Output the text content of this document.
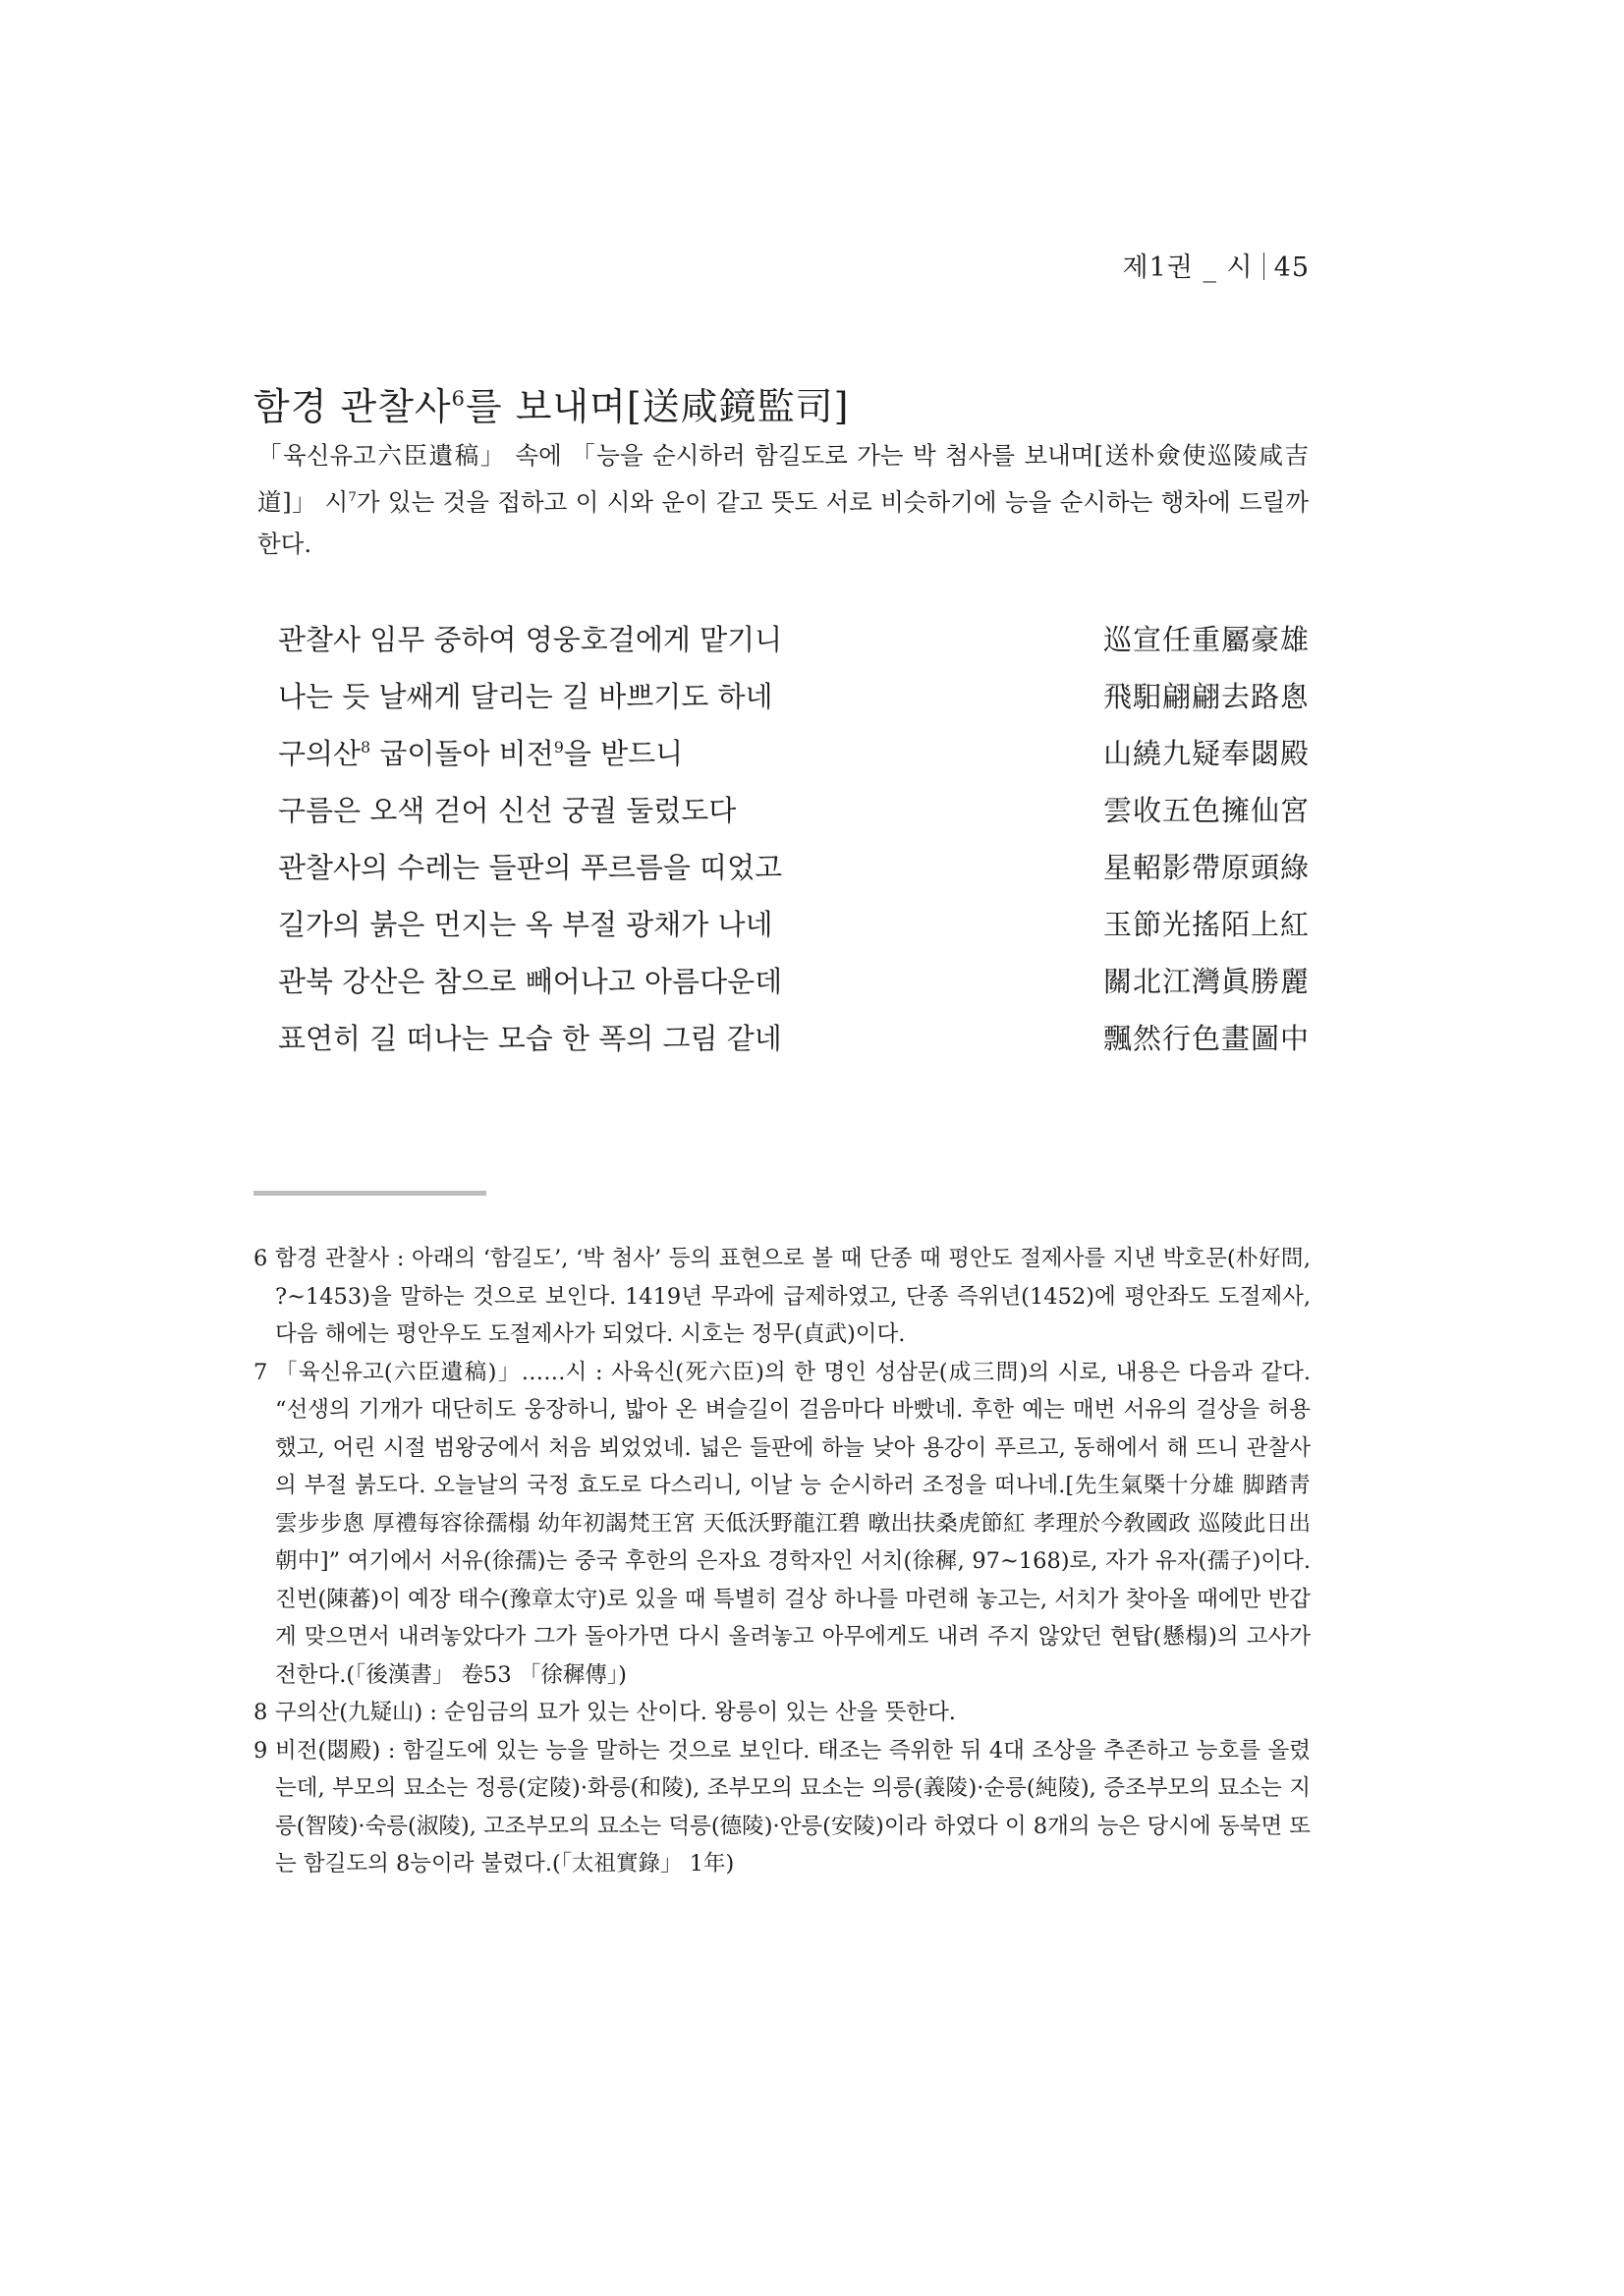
제1권 _ 시 45
함경 관찰사$^6$를 보내며[送咸鏡監司]
「육신유고六臣遺稿」 속에 「능을 순시하러 함길도로 가는 박 첨사를 보내며[送朴僉使巡陵咸吉道]」 시$^7$가 있는 것을 접하고 이 시와 운이 같고 뜻도 서로 비슷하기에 능을 순시하는 행차에 드릴까 한다.
관찰사 임무 중하여 영웅호걸에게 맡기니	巡宣任重屬豪雄
나는 듯 날쌔게 달리는 길 바쁘기도 하네	飛馹翩翩去路悤
구의산$^8$ 굽이돌아 비전$^9$을 받드니	山繞九疑奉閟殿
구름은 오색 걷어 신선 궁궐 둘렀도다	雲收五色擁仙宮
관찰사의 수레는 들판의 푸르름을 띠었고	星軺影帶原頭綠
길가의 붉은 먼지는 옥 부절 광채가 나네	玉節光搖陌上紅
관북 강산은 참으로 빼어나고 아름다운데	關北江灣眞勝麗
표연히 길 떠나는 모습 한 폭의 그림 같네	飄然行色畫圖中
6 함경 관찰사 : 아래의 ‘함길도’, ‘박 첨사’ 등의 표현으로 볼 때 단종 때 평안도 절제사를 지낸 박호문(朴好問, ?~1453)을 말하는 것으로 보인다. 1419년 무과에 급제하였고, 단종 즉위년(1452)에 평안좌도 도절제사, 다음 해에는 평안우도 도절제사가 되었다. 시호는 정무(貞武)이다.
7 「육신유고(六臣遺稿)」……시 : 사육신(死六臣)의 한 명인 성삼문(成三問)의 시로, 내용은 다음과 같다. “선생의 기개가 대단히도 웅장하니, 밟아 온 벼슬길이 걸음마다 바빴네. 후한 예는 매번 서유의 걸상을 허용했고, 어린 시절 범왕궁에서 처음 뵈었었네. 넓은 들판에 하늘 낮아 용강이 푸르고, 동해에서 해 뜨니 관찰사의 부절 붉도다. 오늘날의 국정 효도로 다스리니, 이날 능 순시하러 조정을 떠나네.[先生氣槩十分雄 脚踏靑雲步步悤 厚禮每容徐孺榻 幼年初謁梵王宮 天低沃野龍江碧 暾出扶桑虎節紅 孝理於今敎國政 巡陵此日出朝中]” 여기에서 서유(徐孺)는 중국 후한의 은자요 경학자인 서치(徐穉, 97~168)로, 자가 유자(孺子)이다. 진번(陳蕃)이 예장 태수(豫章太守)로 있을 때 특별히 걸상 하나를 마련해 놓고는, 서치가 찾아올 때에만 반갑게 맞으면서 내려놓았다가 그가 돌아가면 다시 올려놓고 아무에게도 내려 주지 않았던 현탑(懸榻)의 고사가 전한다.(「後漢書」 卷53 「徐穉傳」)
8 구의산(九疑山) : 순임금의 묘가 있는 산이다. 왕릉이 있는 산을 뜻한다.
9 비전(閟殿) : 함길도에 있는 능을 말하는 것으로 보인다. 태조는 즉위한 뒤 4대 조상을 추존하고 능호를 올렸는데, 부모의 묘소는 정릉(定陵)·화릉(和陵), 조부모의 묘소는 의릉(義陵)·순릉(純陵), 증조부모의 묘소는 지릉(智陵)·숙릉(淑陵), 고조부모의 묘소는 덕릉(德陵)·안릉(安陵)이라 하였다 이 8개의 능은 당시에 동북면 또는 함길도의 8능이라 불렸다.(「太祖實錄」 1年)
